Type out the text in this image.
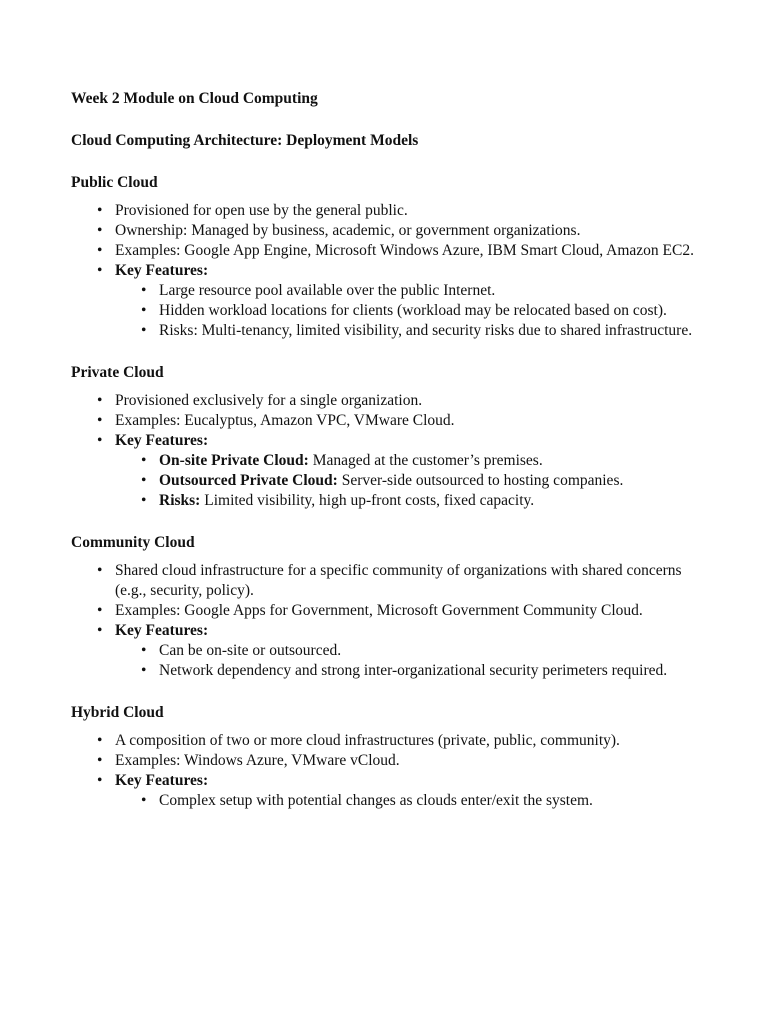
Week 2 Module on Cloud Computing

Cloud Computing Architecture: Deployment Models

Public Cloud

• Provisioned for open use by the general public.
• Ownership: Managed by business, academic, or government organizations.
• Examples: Google App Engine, Microsoft Windows Azure, IBM Smart Cloud, Amazon EC2.
• Key Features:
• Large resource pool available over the public Internet.
• Hidden workload locations for clients (workload may be relocated based on cost).
• Risks: Multi-tenancy, limited visibility, and security risks due to shared infrastructure.

Private Cloud

• Provisioned exclusively for a single organization.
• Examples: Eucalyptus, Amazon VPC, VMware Cloud.
• Key Features:
• On-site Private Cloud: Managed at the customer’s premises.
• Outsourced Private Cloud: Server-side outsourced to hosting companies.
• Risks: Limited visibility, high up-front costs, fixed capacity.

Community Cloud

• Shared cloud infrastructure for a specific community of organizations with shared concerns (e.g., security, policy).
• Examples: Google Apps for Government, Microsoft Government Community Cloud.
• Key Features:
• Can be on-site or outsourced.
• Network dependency and strong inter-organizational security perimeters required.

Hybrid Cloud

• A composition of two or more cloud infrastructures (private, public, community).
• Examples: Windows Azure, VMware vCloud.
• Key Features:
• Complex setup with potential changes as clouds enter/exit the system.
